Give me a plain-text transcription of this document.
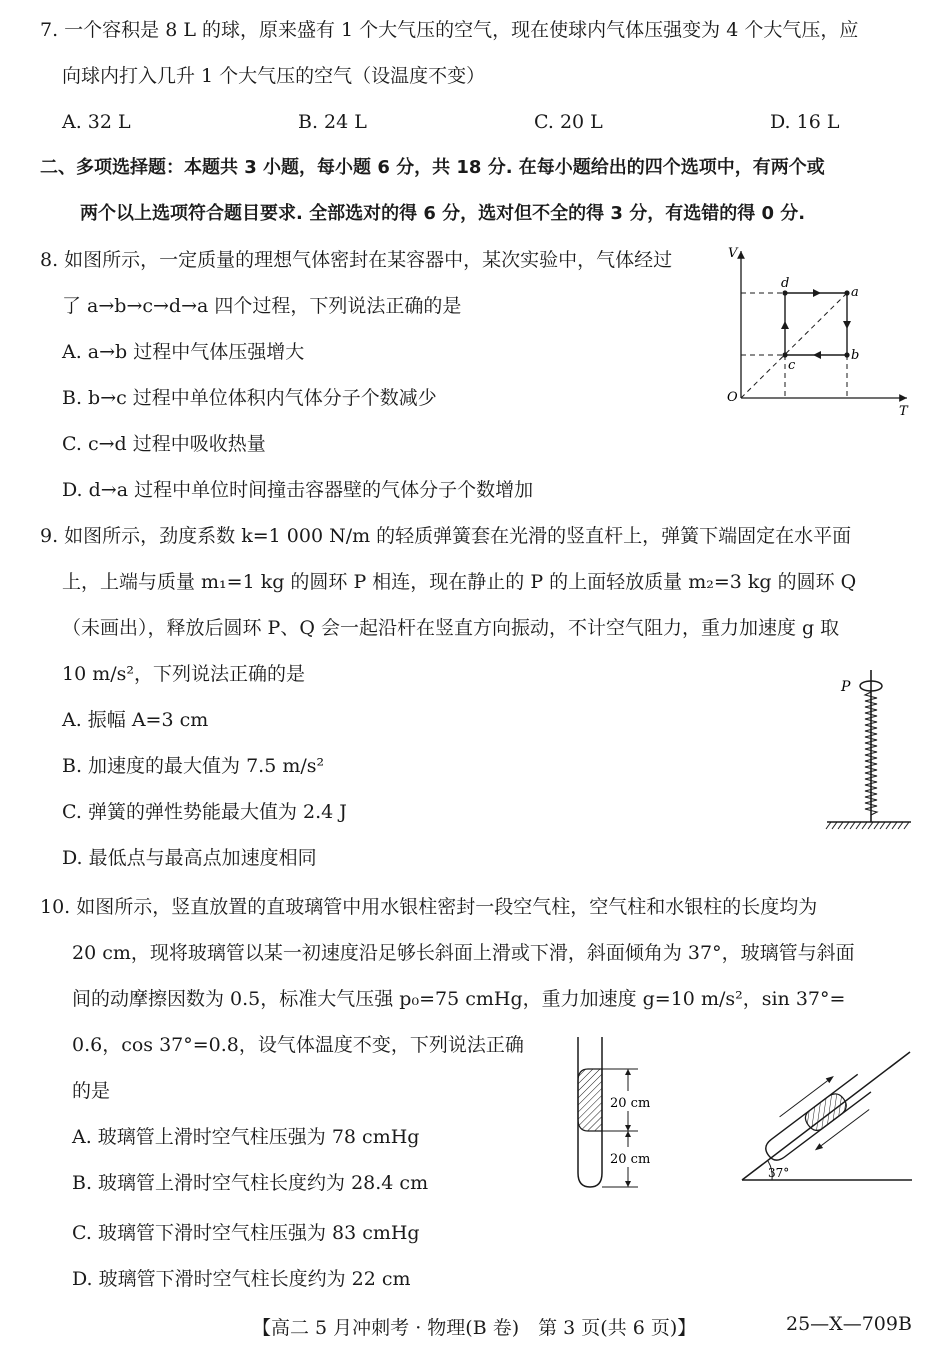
7. 一个容积是 8 L 的球，原来盛有 1 个大气压的空气，现在使球内气体压强变为 4 个大气压，应
向球内打入几升 1 个大气压的空气（设温度不变）
A. 32 L	B. 24 L	C. 20 L	D. 16 L
二、多项选择题：本题共 3 小题，每小题 6 分，共 18 分. 在每小题给出的四个选项中，有两个或
两个以上选项符合题目要求. 全部选对的得 6 分，选对但不全的得 3 分，有选错的得 0 分.
8. 如图所示，一定质量的理想气体密封在某容器中，某次实验中，气体经过
了 a→b→c→d→a 四个过程，下列说法正确的是
A. a→b 过程中气体压强增大
B. b→c 过程中单位体积内气体分子个数减少
C. c→d 过程中吸收热量
D. d→a 过程中单位时间撞击容器壁的气体分子个数增加
V
T
O
d
a
b
c
9. 如图所示，劲度系数 k=1 000 N/m 的轻质弹簧套在光滑的竖直杆上，弹簧下端固定在水平面
上，上端与质量 m₁=1 kg 的圆环 P 相连，现在静止的 P 的上面轻放质量 m₂=3 kg 的圆环 Q
（未画出），释放后圆环 P、Q 会一起沿杆在竖直方向振动，不计空气阻力，重力加速度 g 取
10 m/s²，下列说法正确的是
A. 振幅 A=3 cm
B. 加速度的最大值为 7.5 m/s²
C. 弹簧的弹性势能最大值为 2.4 J
D. 最低点与最高点加速度相同
P
10. 如图所示，竖直放置的直玻璃管中用水银柱密封一段空气柱，空气柱和水银柱的长度均为
20 cm，现将玻璃管以某一初速度沿足够长斜面上滑或下滑，斜面倾角为 37°，玻璃管与斜面
间的动摩擦因数为 0.5，标准大气压强 p₀=75 cmHg，重力加速度 g=10 m/s²，sin 37°=
0.6，cos 37°=0.8，设气体温度不变，下列说法正确
的是
A. 玻璃管上滑时空气柱压强为 78 cmHg
B. 玻璃管上滑时空气柱长度约为 28.4 cm
C. 玻璃管下滑时空气柱压强为 83 cmHg
D. 玻璃管下滑时空气柱长度约为 22 cm
20 cm
20 cm
37°
【高二 5 月冲刺考 · 物理(B 卷)　第 3 页(共 6 页)】	25—X—709B
